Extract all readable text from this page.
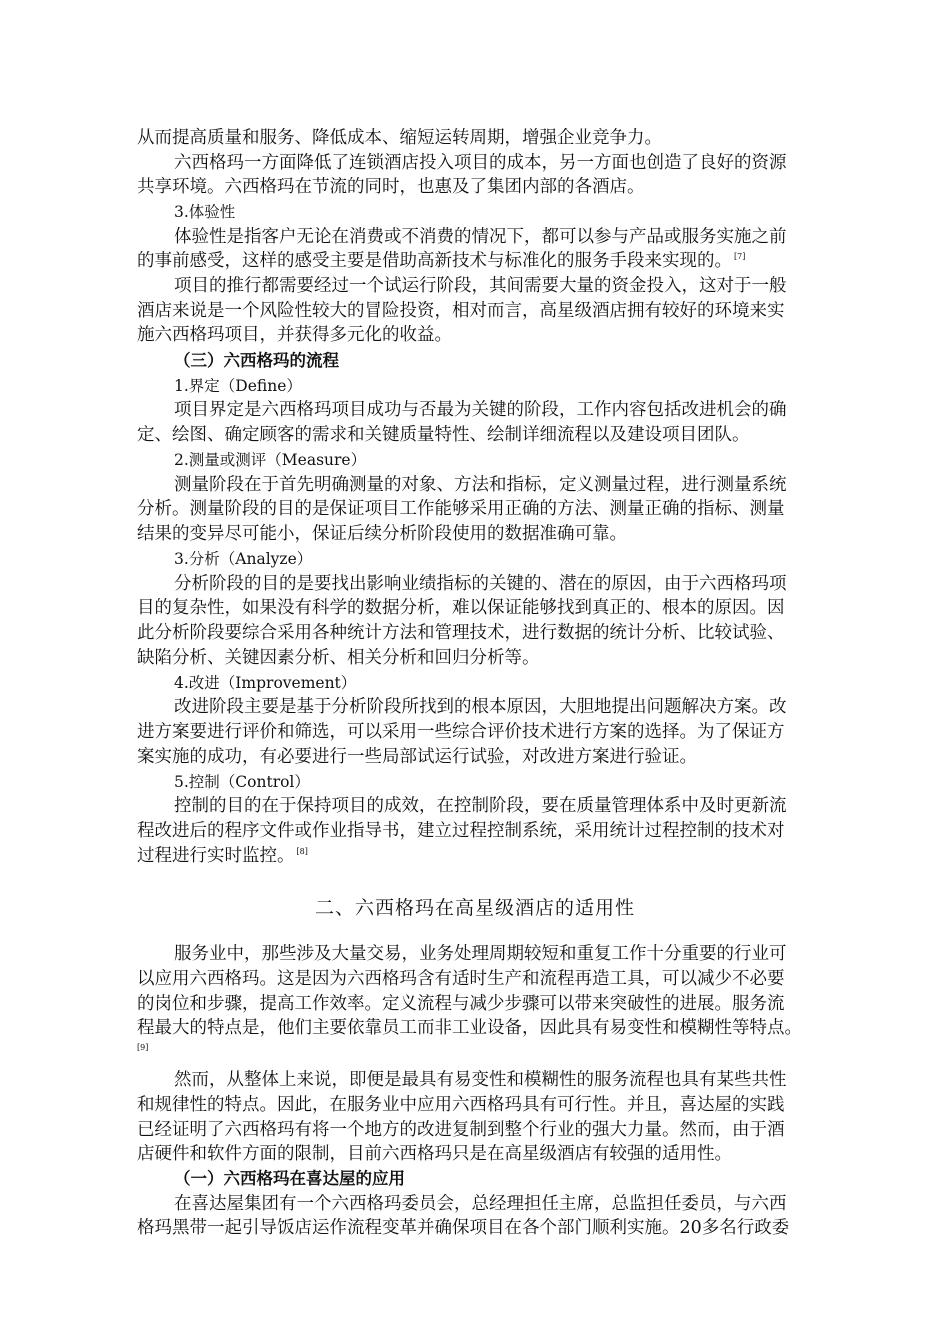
从而提高质量和服务、降低成本、缩短运转周期，增强企业竞争力。

六西格玛一方面降低了连锁酒店投入项目的成本，另一方面也创造了良好的资源

共享环境。六西格玛在节流的同时，也惠及了集团内部的各酒店。

3.体验性

体验性是指客户无论在消费或不消费的情况下，都可以参与产品或服务实施之前

的事前感受，这样的感受主要是借助高新技术与标准化的服务手段来实现的。 [7]

项目的推行都需要经过一个试运行阶段，其间需要大量的资金投入，这对于一般

酒店来说是一个风险性较大的冒险投资，相对而言，高星级酒店拥有较好的环境来实

施六西格玛项目，并获得多元化的收益。

（三）六西格玛的流程

1.界定（Define）

项目界定是六西格玛项目成功与否最为关键的阶段，工作内容包括改进机会的确

定、绘图、确定顾客的需求和关键质量特性、绘制详细流程以及建设项目团队。

2.测量或测评（Measure）

测量阶段在于首先明确测量的对象、方法和指标，定义测量过程，进行测量系统

分析。测量阶段的目的是保证项目工作能够采用正确的方法、测量正确的指标、测量

结果的变异尽可能小，保证后续分析阶段使用的数据准确可靠。

3.分析（Analyze）

分析阶段的目的是要找出影响业绩指标的关键的、潜在的原因，由于六西格玛项

目的复杂性，如果没有科学的数据分析，难以保证能够找到真正的、根本的原因。因

此分析阶段要综合采用各种统计方法和管理技术，进行数据的统计分析、比较试验、

缺陷分析、关键因素分析、相关分析和回归分析等。

4.改进（Improvement）

改进阶段主要是基于分析阶段所找到的根本原因，大胆地提出问题解决方案。改

进方案要进行评价和筛选，可以采用一些综合评价技术进行方案的选择。为了保证方

案实施的成功，有必要进行一些局部试运行试验，对改进方案进行验证。

5.控制（Control）

控制的目的在于保持项目的成效，在控制阶段，要在质量管理体系中及时更新流

程改进后的程序文件或作业指导书，建立过程控制系统，采用统计过程控制的技术对

过程进行实时监控。 [8]

二、六西格玛在高星级酒店的适用性

服务业中，那些涉及大量交易，业务处理周期较短和重复工作十分重要的行业可

以应用六西格玛。这是因为六西格玛含有适时生产和流程再造工具，可以减少不必要

的岗位和步骤，提高工作效率。定义流程与减少步骤可以带来突破性的进展。服务流

程最大的特点是，他们主要依靠员工而非工业设备，因此具有易变性和模糊性等特点。

[9]

然而，从整体上来说，即便是最具有易变性和模糊性的服务流程也具有某些共性

和规律性的特点。因此，在服务业中应用六西格玛具有可行性。并且，喜达屋的实践

已经证明了六西格玛有将一个地方的改进复制到整个行业的强大力量。然而，由于酒

店硬件和软件方面的限制，目前六西格玛只是在高星级酒店有较强的适用性。

（一）六西格玛在喜达屋的应用

在喜达屋集团有一个六西格玛委员会，总经理担任主席，总监担任委员，与六西

格玛黑带一起引导饭店运作流程变革并确保项目在各个部门顺利实施。20多名行政委
